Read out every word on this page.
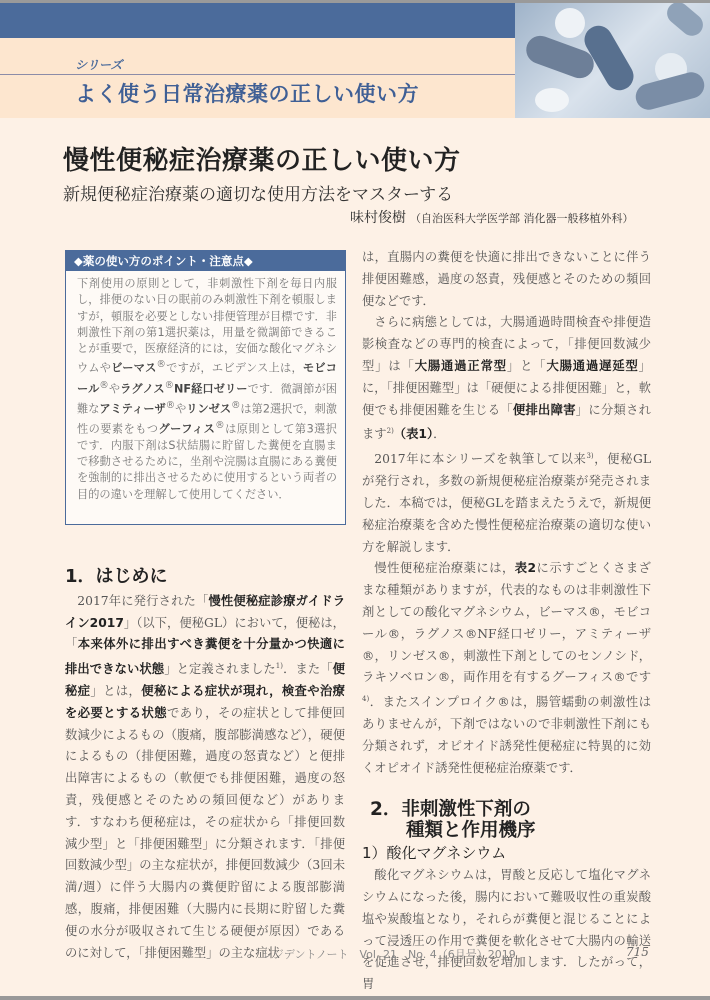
シリーズ
よく使う日常治療薬の正しい使い方
慢性便秘症治療薬の正しい使い方
新規便秘症治療薬の適切な使用方法をマスターする
味村俊樹 （自治医科大学医学部 消化器一般移植外科）
◆薬の使い方のポイント・注意点◆
下剤使用の原則として，非刺激性下剤を毎日内服し，排便のない日の眠前のみ刺激性下剤を頓服しますが，頓服を必要としない排便管理が目標です．非刺激性下剤の第1選択薬は，用量を微調節できることが重要で，医療経済的には，安価な酸化マグネシウムやビーマス®ですが，エビデンス上は，モビコール®やラグノス®NF経口ゼリーです．微調節が困難なアミティーザ®やリンゼス®は第2選択で，刺激性の要素をもつグーフィス®は原則として第3選択です．内服下剤はS状結腸に貯留した糞便を直腸まで移動させるために，坐剤や浣腸は直腸にある糞便を強制的に排出させるために使用するという両者の目的の違いを理解して使用してください．
1．はじめに

2017年に発行された「慢性便秘症診療ガイドライン2017」（以下，便秘GL）において，便秘は，「本来体外に排出すべき糞便を十分量かつ快適に排出できない状態」と定義されました$^{1)}$．また「便秘症」とは，便秘による症状が現れ，検査や治療を必要とする状態であり，その症状として排便回数減少によるもの（腹痛，腹部膨満感など），硬便によるもの（排便困難，過度の怒責など）と便排出障害によるもの（軟便でも排便困難，過度の怒責，残便感とそのための頻回便など）があります．すなわち便秘症は，その症状から「排便回数減少型」と「排便困難型」に分類されます．「排便回数減少型」の主な症状が，排便回数減少（3回未満/週）に伴う大腸内の糞便貯留による腹部膨満感，腹痛，排便困難（大腸内に長期に貯留した糞便の水分が吸収されて生じる硬便が原因）であるのに対して，「排便困難型」の主な症状

は，直腸内の糞便を快適に排出できないことに伴う排便困難感，過度の怒責，残便感とそのための頻回便などです．

さらに病態としては，大腸通過時間検査や排便造影検査などの専門的検査によって，「排便回数減少型」は「大腸通過正常型」と「大腸通過遅延型」に，「排便困難型」は「硬便による排便困難」と，軟便でも排便困難を生じる「便排出障害」に分類されます$^{2)}$（表1）．

2017年に本シリーズを執筆して以来$^{3)}$，便秘GLが発行され，多数の新規便秘症治療薬が発売されました．本稿では，便秘GLを踏まえたうえで，新規便秘症治療薬を含めた慢性便秘症治療薬の適切な使い方を解説します．

慢性便秘症治療薬には，表2に示すごとくさまざまな種類がありますが，代表的なものは非刺激性下剤としての酸化マグネシウム，ビーマス®，モビコール®，ラグノス®NF経口ゼリー，アミティーザ®，リンゼス®，刺激性下剤としてのセンノシド，ラキソベロン®，両作用を有するグーフィス®です$^{4)}$．またスインプロイク®は，腸管蠕動の刺激性はありませんが，下剤ではないので非刺激性下剤にも分類されず，オピオイド誘発性便秘症に特異的に効くオピオイド誘発性便秘症治療薬です．

2．非刺激性下剤の
種類と作用機序
1）酸化マグネシウム

酸化マグネシウムは，胃酸と反応して塩化マグネシウムになった後，腸内において難吸収性の重炭酸塩や炭酸塩となり，それらが糞便と混じることによって浸透圧の作用で糞便を軟化させて大腸内の輸送を促進させ，排便回数を増加します．したがって，胃

レジデントノート　Vol. 21　No. 4（6月号）2019	715
